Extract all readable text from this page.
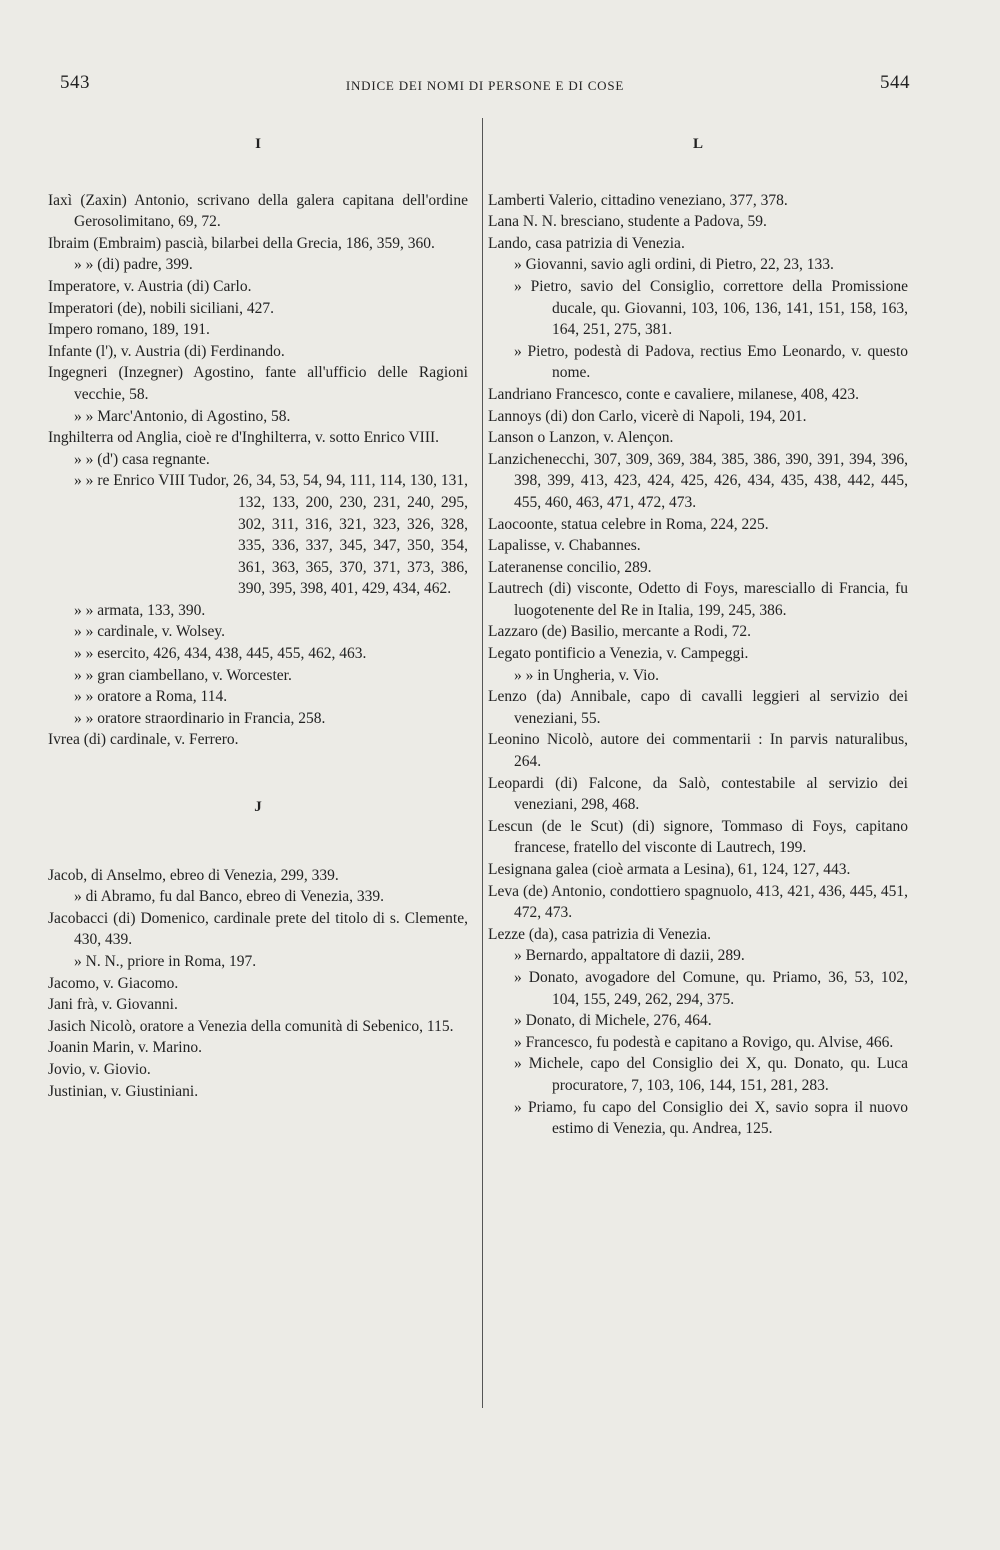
543	INDICE DEI NOMI DI PERSONE E DI COSE	544
I
Iaxì (Zaxin) Antonio, scrivano della galera capitana dell'ordine Gerosolimitano, 69, 72.
Ibraim (Embraim) pascià, bilarbei della Grecia, 186, 359, 360.
» » (di) padre, 399.
Imperatore, v. Austria (di) Carlo.
Imperatori (de), nobili siciliani, 427.
Impero romano, 189, 191.
Infante (l'), v. Austria (di) Ferdinando.
Ingegneri (Inzegner) Agostino, fante all'ufficio delle Ragioni vecchie, 58.
» » Marc'Antonio, di Agostino, 58.
Inghilterra od Anglia, cioè re d'Inghilterra, v. sotto Enrico VIII.
» » (d') casa regnante.
» » re Enrico VIII Tudor, 26, 34, 53, 54, 94, 111, 114, 130, 131, 132, 133, 200, 230, 231, 240, 295, 302, 311, 316, 321, 323, 326, 328, 335, 336, 337, 345, 347, 350, 354, 361, 363, 365, 370, 371, 373, 386, 390, 395, 398, 401, 429, 434, 462.
» » armata, 133, 390.
» » cardinale, v. Wolsey.
» » esercito, 426, 434, 438, 445, 455, 462, 463.
» » gran ciambellano, v. Worcester.
» » oratore a Roma, 114.
» » oratore straordinario in Francia, 258.
Ivrea (di) cardinale, v. Ferrero.
J
Jacob, di Anselmo, ebreo di Venezia, 299, 339.
» di Abramo, fu dal Banco, ebreo di Venezia, 339.
Jacobacci (di) Domenico, cardinale prete del titolo di s. Clemente, 430, 439.
» N. N., priore in Roma, 197.
Jacomo, v. Giacomo.
Jani frà, v. Giovanni.
Jasich Nicolò, oratore a Venezia della comunità di Sebenico, 115.
Joanin Marin, v. Marino.
Jovio, v. Giovio.
Justinian, v. Giustiniani.
L
Lamberti Valerio, cittadino veneziano, 377, 378.
Lana N. N. bresciano, studente a Padova, 59.
Lando, casa patrizia di Venezia.
» Giovanni, savio agli ordini, di Pietro, 22, 23, 133.
» Pietro, savio del Consiglio, correttore della Promissione ducale, qu. Giovanni, 103, 106, 136, 141, 151, 158, 163, 164, 251, 275, 381.
» Pietro, podestà di Padova, rectius Emo Leonardo, v. questo nome.
Landriano Francesco, conte e cavaliere, milanese, 408, 423.
Lannoys (di) don Carlo, vicerè di Napoli, 194, 201.
Lanson o Lanzon, v. Alençon.
Lanzichenecchi, 307, 309, 369, 384, 385, 386, 390, 391, 394, 396, 398, 399, 413, 423, 424, 425, 426, 434, 435, 438, 442, 445, 455, 460, 463, 471, 472, 473.
Laocoonte, statua celebre in Roma, 224, 225.
Lapalisse, v. Chabannes.
Lateranense concilio, 289.
Lautrech (di) visconte, Odetto di Foys, maresciallo di Francia, fu luogotenente del Re in Italia, 199, 245, 386.
Lazzaro (de) Basilio, mercante a Rodi, 72.
Legato pontificio a Venezia, v. Campeggi.
» » in Ungheria, v. Vio.
Lenzo (da) Annibale, capo di cavalli leggieri al servizio dei veneziani, 55.
Leonino Nicolò, autore dei commentarii : In parvis naturalibus, 264.
Leopardi (di) Falcone, da Salò, contestabile al servizio dei veneziani, 298, 468.
Lescun (de le Scut) (di) signore, Tommaso di Foys, capitano francese, fratello del visconte di Lautrech, 199.
Lesignana galea (cioè armata a Lesina), 61, 124, 127, 443.
Leva (de) Antonio, condottiero spagnuolo, 413, 421, 436, 445, 451, 472, 473.
Lezze (da), casa patrizia di Venezia.
» Bernardo, appaltatore di dazii, 289.
» Donato, avogadore del Comune, qu. Priamo, 36, 53, 102, 104, 155, 249, 262, 294, 375.
» Donato, di Michele, 276, 464.
» Francesco, fu podestà e capitano a Rovigo, qu. Alvise, 466.
» Michele, capo del Consiglio dei X, qu. Donato, qu. Luca procuratore, 7, 103, 106, 144, 151, 281, 283.
» Priamo, fu capo del Consiglio dei X, savio sopra il nuovo estimo di Venezia, qu. Andrea, 125.
